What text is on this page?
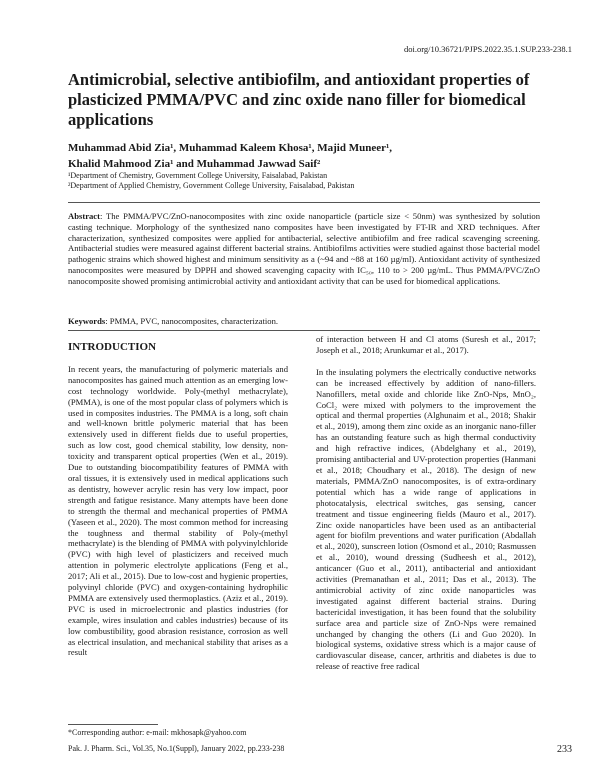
doi.org/10.36721/PJPS.2022.35.1.SUP.233-238.1
Antimicrobial, selective antibiofilm, and antioxidant properties of plasticized PMMA/PVC and zinc oxide nano filler for biomedical applications
Muhammad Abid Zia¹, Muhammad Kaleem Khosa¹, Majid Muneer¹,
Khalid Mahmood Zia¹ and Muhammad Jawwad Saif²
¹Department of Chemistry, Government College University, Faisalabad, Pakistan
²Department of Applied Chemistry, Government College University, Faisalabad, Pakistan
Abstract: The PMMA/PVC/ZnO-nanocomposites with zinc oxide nanoparticle (particle size < 50nm) was synthesized by solution casting technique. Morphology of the synthesized nano composites have been investigated by FT-IR and XRD techniques. After characterization, synthesized composites were applied for antibacterial, selective antibiofilm and free radical scavenging screening. Antibacterial studies were measured against different bacterial strains. Antibiofilms activities were studied against those bacterial model pathogenic strains which showed highest and minimum sensitivity as a (~94 and ~88 at 160 µg/ml). Antioxidant activity of synthesized nanocomposites were measured by DPPH and showed scavenging capacity with IC₅₀, 110 to > 200 µg/mL. Thus PMMA/PVC/ZnO nanocomposite showed promising antimicrobial activity and antioxidant activity that can be used for biomedical applications.
Keywords: PMMA, PVC, nanocomposites, characterization.
INTRODUCTION

In recent years, the manufacturing of polymeric materials and nanocomposites has gained much attention as an emerging low-cost technology worldwide. Poly-(methyl methacrylate), (PMMA), is one of the most popular class of polymers which is used in composites industries. The PMMA is a long, soft chain and well-known brittle polymeric material that has been extensively used in different fields due to useful properties, such as low cost, good chemical stability, low density, non-toxicity and transparent optical properties (Wen et al., 2019). Due to outstanding biocompatibility features of PMMA with oral tissues, it is extensively used in medical applications such as dentistry, however acrylic resin has very low impact, poor strength and fatigue resistance. Many attempts have been done to strength the thermal and mechanical properties of PMMA (Yaseen et al., 2020). The most common method for increasing the toughness and thermal stability of Poly-(methyl methacrylate) is the blending of PMMA with polyvinylchloride (PVC) with high level of plasticizers and received much attention in polymeric electrolyte applications (Feng et al., 2017; Ali et al., 2015). Due to low-cost and hygienic properties, polyvinyl chloride (PVC) and oxygen-containing hydrophilic PMMA are extensively used thermoplastics. (Aziz et al., 2019). PVC is used in microelectronic and plastics industries (for example, wires insulation and cables industries) because of its low combustibility, good abrasion resistance, corrosion as well as electrical insulation, and mechanical stability that arises as a result

of interaction between H and Cl atoms (Suresh et al., 2017; Joseph et al., 2018; Arunkumar et al., 2017).

In the insulating polymers the electrically conductive networks can be increased effectively by addition of nano-fillers. Nanofillers, metal oxide and chloride like ZnO-Nps, MnO₂, CoCl₂ were mixed with polymers to the improvement the optical and thermal properties (Alghunaim et al., 2018; Shakir et al., 2019), among them zinc oxide as an inorganic nano-filler has an outstanding feature such as high thermal conductivity and high refractive indices, (Abdelghany et al., 2019), promising antibacterial and UV-protection properties (Hanmani et al., 2018; Choudhary et al., 2018). The design of new materials, PMMA/ZnO nanocomposites, is of extra-ordinary potential which has a wide range of applications in photocatalysis, electrical switches, gas sensing, cancer treatment and tissue engineering fields (Mauro et al., 2017). Zinc oxide nanoparticles have been used as an antibacterial agent for biofilm preventions and water purification (Abdallah et al., 2020), sunscreen lotion (Osmond et al., 2010; Rasmussen et al., 2010), wound dressing (Sudheesh et al., 2012), anticancer (Guo et al., 2011), antibacterial and antioxidant activities (Premanathan et al., 2011; Das et al., 2013). The antimicrobial activity of zinc oxide nanoparticles was investigated against different bacterial strains. During bactericidal investigation, it has been found that the solubility surface area and particle size of ZnO-Nps were remained unchanged by changing the others (Li and Guo 2020). In biological systems, oxidative stress which is a major cause of cardiovascular disease, cancer, arthritis and diabetes is due to release of reactive free radical

*Corresponding author: e-mail: mkhosapk@yahoo.com
Pak. J. Pharm. Sci., Vol.35, No.1(Suppl), January 2022, pp.233-238	233
